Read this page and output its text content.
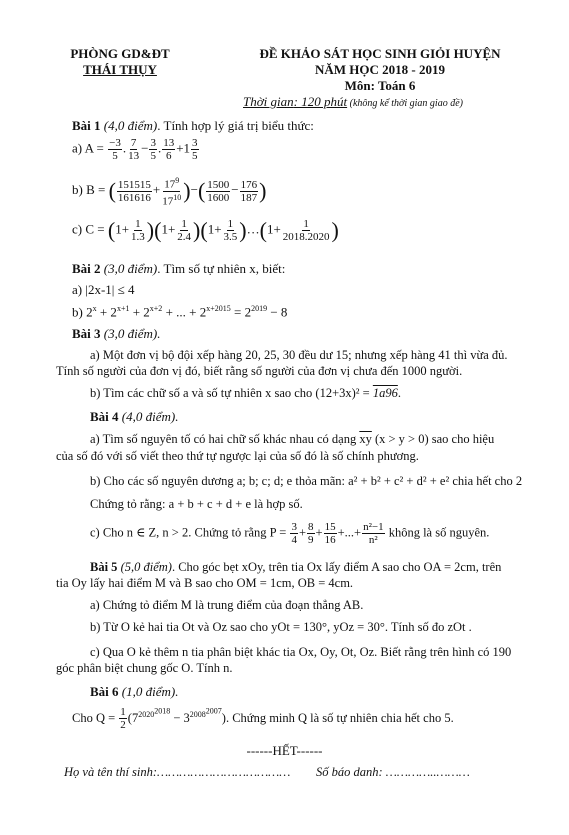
PHÒNG GD&ĐT
THÁI THỤY
ĐỀ KHẢO SÁT HỌC SINH GIỎI HUYỆN
NĂM HỌC 2018 - 2019
Môn: Toán 6
Thời gian: 120 phút (không kể thời gian giao đề)
Bài 1 (4,0 điểm). Tính hợp lý giá trị biểu thức:
a) $A = \frac{-3}{5}$ . $\frac{7}{13} - \frac{3}{5}$ . $\frac{13}{6} +1 \frac{3}{5}$
b) B = ( $\frac{151515}{161616} + \frac{17^9}{17^{10}}$ )−( $\frac{1500}{1600} - \frac{176}{187}$ )
c) $C = (1+ \frac{1}{1.3} )(1+ \frac{1}{2.4} )(1+ \frac{1}{3.5}$ )…(1+ $\frac{1}{2018.2020}$ )
Bài 2 (3,0 điểm). Tìm số tự nhiên x, biết:
a) |2x-1| ≤ 4
b) $2^x + 2^{x+1} + 2^{x+2}$ + ... + $2^{x+2015} = 2^{2019} - 8$
Bài 3 (3,0 điểm).
a) Một đơn vị bộ đội xếp hàng 20, 25, 30 đều dư 15; nhưng xếp hàng 41 thì vừa đủ.
Tính số người của đơn vị đó, biết rằng số người của đơn vị chưa đến 1000 người.
b) Tìm các chữ số a và số tự nhiên x sao cho (12+3x)² = 1a96.
Bài 4 (4,0 điểm).
a) Tìm số nguyên tố có hai chữ số khác nhau có dạng $\overline{xy}$ (x > y > 0) sao cho hiệu
của số đó với số viết theo thứ tự ngược lại của số đó là số chính phương.
b) Cho các số nguyên dương a; b; c; d; e thỏa mãn: a² + b² + c² + d² + e² chia hết cho 2
Chứng tỏ rằng: a + b + c + d + e là hợp số.
c) Cho n ∈ Z, n > 2. Chứng tỏ rằng $P = \frac{3}{4} + \frac{8}{9} + \frac{15}{16}$ +...+ $\frac{\text{n²−1}}{\text{n²}}$ không là số nguyên.
Bài 5 (5,0 điểm). Cho góc bẹt xOy, trên tia Ox lấy điểm A sao cho OA = 2cm, trên
tia Oy lấy hai điểm M và B sao cho OM = 1cm, OB = 4cm.
a) Chứng tỏ điểm M là trung điểm của đoạn thẳng AB.
b) Từ O kẻ hai tia Ot và Oz sao cho yOt = 130°, yOz = 30°. Tính số đo zOt .
c) Qua O kẻ thêm n tia phân biệt khác tia Ox, Oy, Ot, Oz. Biết rằng trên hình có 190
góc phân biệt chung gốc O. Tính n.
Bài 6 (1,0 điểm).
Cho $Q = \frac{1}{2} (7^{2020^{2018}} - 3^{2008^{2007}})$. Chứng minh Q là số tự nhiên chia hết cho 5.
------HẾT------
Họ và tên thí sinh:……………………………… Số báo danh: …………..………
